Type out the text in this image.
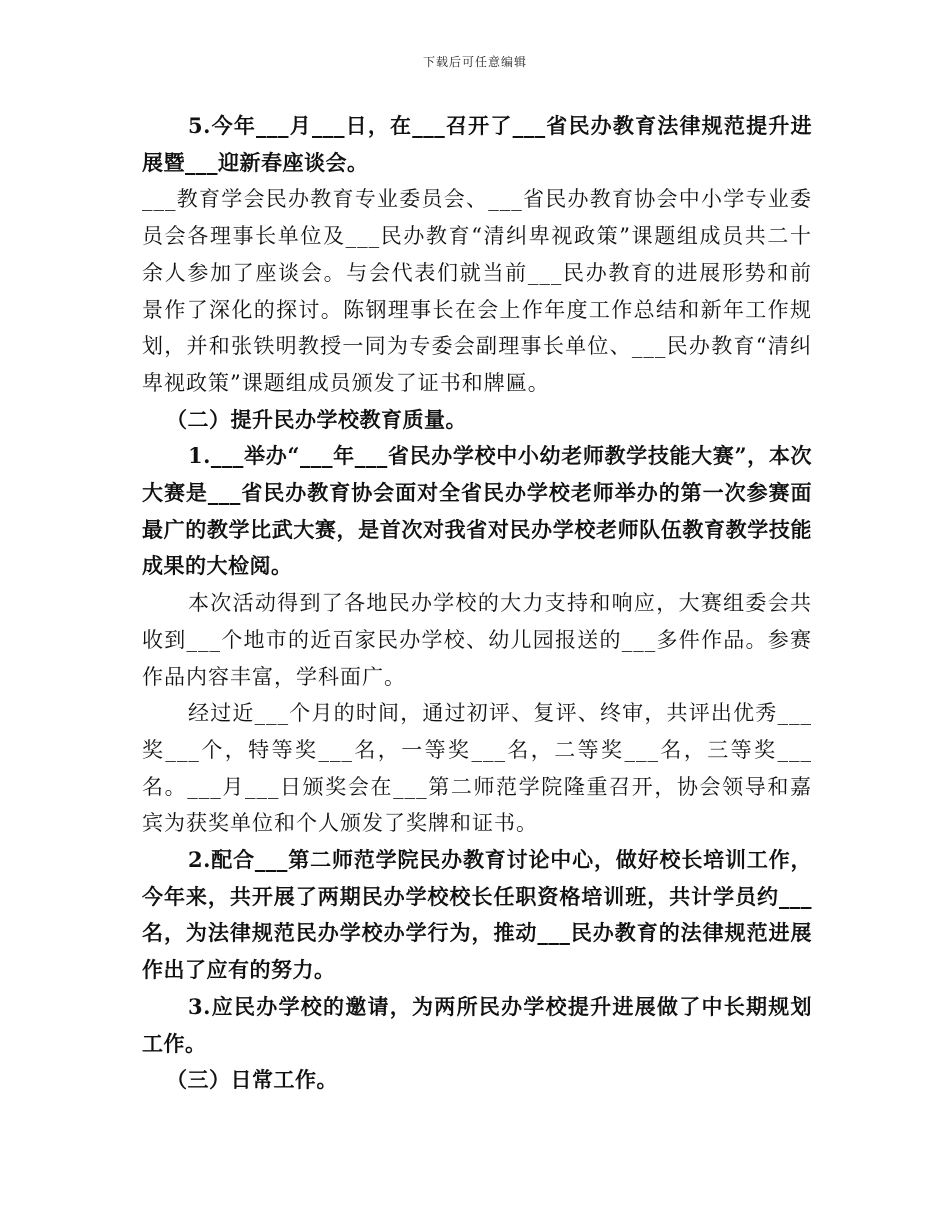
下载后可任意编辑

5.今年___月___日，在___召开了___省民办教育法律规范提升进展暨___迎新春座谈会。

___教育学会民办教育专业委员会、___省民办教育协会中小学专业委员会各理事长单位及___民办教育“清纠卑视政策”课题组成员共二十余人参加了座谈会。与会代表们就当前___民办教育的进展形势和前景作了深化的探讨。陈钢理事长在会上作年度工作总结和新年工作规划，并和张铁明教授一同为专委会副理事长单位、___民办教育“清纠卑视政策”课题组成员颁发了证书和牌匾。

（二）提升民办学校教育质量。

1.___举办“___年___省民办学校中小幼老师教学技能大赛”，本次大赛是___省民办教育协会面对全省民办学校老师举办的第一次参赛面最广的教学比武大赛，是首次对我省对民办学校老师队伍教育教学技能成果的大检阅。

本次活动得到了各地民办学校的大力支持和响应，大赛组委会共收到___个地市的近百家民办学校、幼儿园报送的___多件作品。参赛作品内容丰富，学科面广。

经过近___个月的时间，通过初评、复评、终审，共评出优秀___奖___个，特等奖___名，一等奖___名，二等奖___名，三等奖___名。___月___日颁奖会在___第二师范学院隆重召开，协会领导和嘉宾为获奖单位和个人颁发了奖牌和证书。

2.配合___第二师范学院民办教育讨论中心，做好校长培训工作，今年来，共开展了两期民办学校校长任职资格培训班，共计学员约___名，为法律规范民办学校办学行为，推动___民办教育的法律规范进展作出了应有的努力。

3.应民办学校的邀请，为两所民办学校提升进展做了中长期规划工作。

（三）日常工作。
